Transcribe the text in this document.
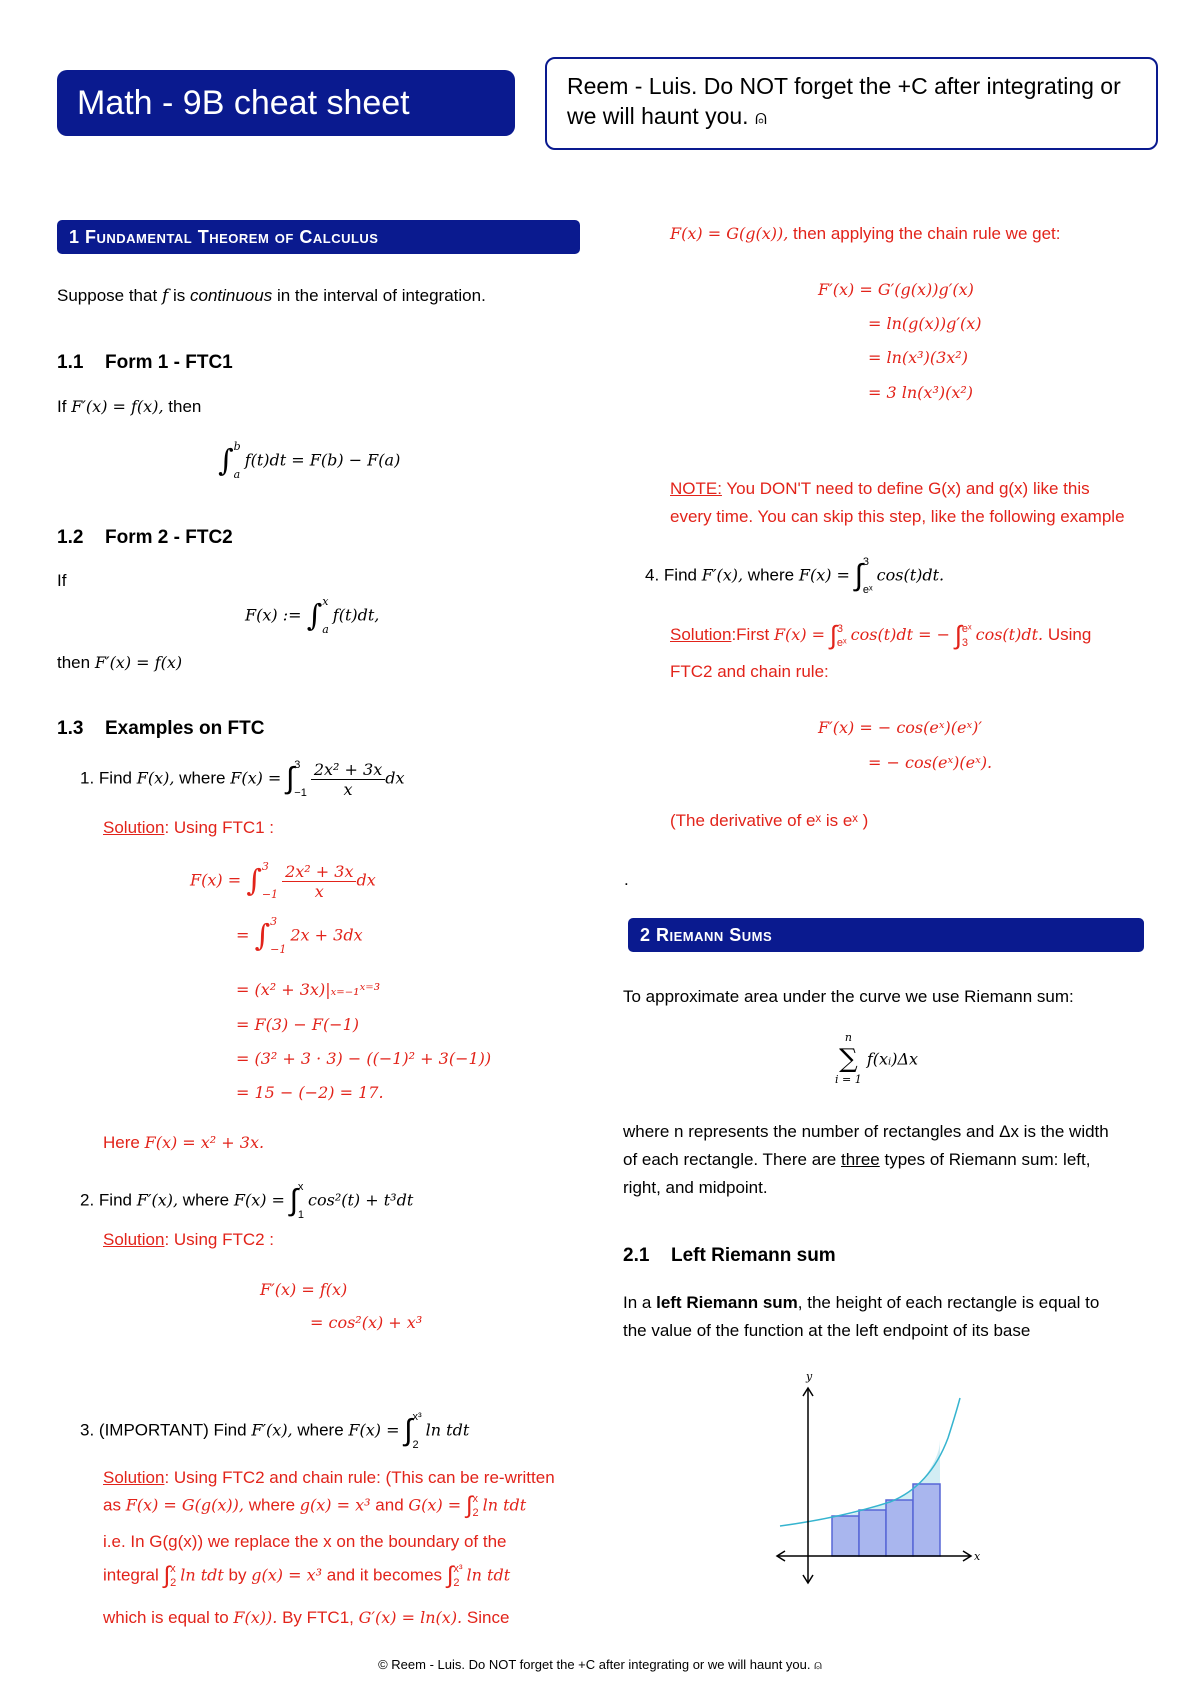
Math - 9B cheat sheet	Reem - Luis. Do NOT forget the +C after integrating or we will haunt you. ⍝
1 Fundamental Theorem of Calculus
Suppose that f is continuous in the interval of integration.
1.1 Form 1 - FTC1
If F′(x) = f(x), then
∫b

af(t)dt = F(b) − F(a)
1.2 Form 2 - FTC2
If
F(x) := ∫x

af(t)dt,
then F′(x) = f(x)
1.3 Examples on FTC
1. Find F(x), where F(x) = ∫3

$-1 \frac{\text{2x² + 3x}}{x}$ dx
Solution: Using FTC1 :
F(x) = ∫3

$-1 \frac{\text{2x² + 3x}}{x}$ dx
= ∫3

−12x + 3dx
= (x² + 3x)|ₓ₌₋₁ˣ⁼³
= F(3) − F(−1)
= (3² + 3 · 3) − ((−1)² + 3(−1))
= 15 − (−2) = 17.
Here F(x) = x² + 3x.
2. Find F′(x), where F(x) = ∫x

1cos²(t) + t³dt
Solution: Using FTC2 :
F′(x) = f(x)
= cos²(x) + x³
3. (IMPORTANT) Find F′(x), where F(x) = ∫x³

2ln tdt
Solution: Using FTC2 and chain rule: (This can be re-written
as F(x) = G(g(x)), where g(x) = x³ and G(x) = ∫x
2 ln tdt
i.e. In G(g(x)) we replace the x on the boundary of the
integral ∫x
2 ln tdt by g(x) = x³ and it becomes ∫x³
2 ln tdt
which is equal to F(x)). By FTC1, G′(x) = ln(x). Since
F(x) = G(g(x)), then applying the chain rule we get:
F′(x) = G′(g(x))g′(x)
= ln(g(x))g′(x)
= ln(x³)(3x²)
= 3 ln(x³)(x²)
NOTE: You DON'T need to define G(x) and g(x) like this
every time. You can skip this step, like the following example
4. Find F′(x), where F(x) = ∫3

eˣcos(t)dt.
Solution:First F(x) = ∫3
eˣ cos(t)dt = − ∫eˣ
3 cos(t)dt. Using
FTC2 and chain rule:
F′(x) = − cos(eˣ)(eˣ)′
= − cos(eˣ)(eˣ).
(The derivative of eˣ is eˣ )
.
2 Riemann Sums
To approximate area under the curve we use Riemann sum:
n
∑
i = 1
f(xᵢ)Δx
where n represents the number of rectangles and Δx is the width
of each rectangle. There are three types of Riemann sum: left,
right, and midpoint.
2.1 Left Riemann sum
In a left Riemann sum, the height of each rectangle is equal to
the value of the function at the left endpoint of its base
y
x
© Reem - Luis. Do NOT forget the +C after integrating or we will haunt you. ⍝
